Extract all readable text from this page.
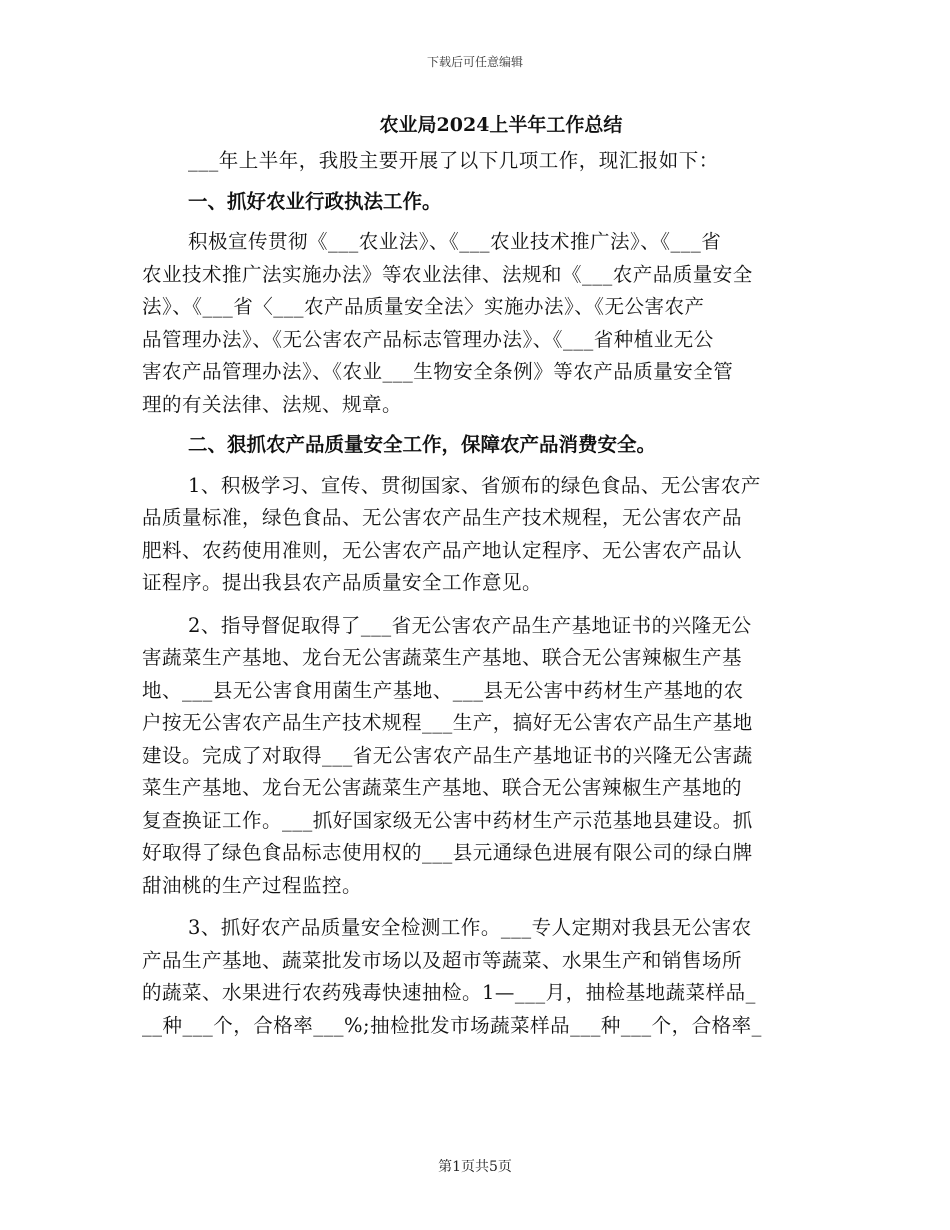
下载后可任意编辑
农业局2024上半年工作总结

___年上半年，我股主要开展了以下几项工作，现汇报如下：

一、抓好农业行政执法工作。

积极宣传贯彻《___农业法》、《___农业技术推广法》、《___省

农业技术推广法实施办法》等农业法律、法规和《___农产品质量安全

法》、《___省〈___农产品质量安全法〉实施办法》、《无公害农产

品管理办法》、《无公害农产品标志管理办法》、《___省种植业无公

害农产品管理办法》、《农业___生物安全条例》等农产品质量安全管

理的有关法律、法规、规章。

二、狠抓农产品质量安全工作，保障农产品消费安全。

1、积极学习、宣传、贯彻国家、省颁布的绿色食品、无公害农产

品质量标准，绿色食品、无公害农产品生产技术规程，无公害农产品

肥料、农药使用准则，无公害农产品产地认定程序、无公害农产品认

证程序。提出我县农产品质量安全工作意见。

2、指导督促取得了___省无公害农产品生产基地证书的兴隆无公

害蔬菜生产基地、龙台无公害蔬菜生产基地、联合无公害辣椒生产基

地、___县无公害食用菌生产基地、___县无公害中药材生产基地的农

户按无公害农产品生产技术规程___生产，搞好无公害农产品生产基地

建设。完成了对取得___省无公害农产品生产基地证书的兴隆无公害蔬

菜生产基地、龙台无公害蔬菜生产基地、联合无公害辣椒生产基地的

复查换证工作。___抓好国家级无公害中药材生产示范基地县建设。抓

好取得了绿色食品标志使用权的___县元通绿色进展有限公司的绿白牌

甜油桃的生产过程监控。

3、抓好农产品质量安全检测工作。___专人定期对我县无公害农

产品生产基地、蔬菜批发市场以及超市等蔬菜、水果生产和销售场所

的蔬菜、水果进行农药残毒快速抽检。1—___月，抽检基地蔬菜样品_

__种___个，合格率___%;抽检批发市场蔬菜样品___种___个，合格率_

第1页共5页
